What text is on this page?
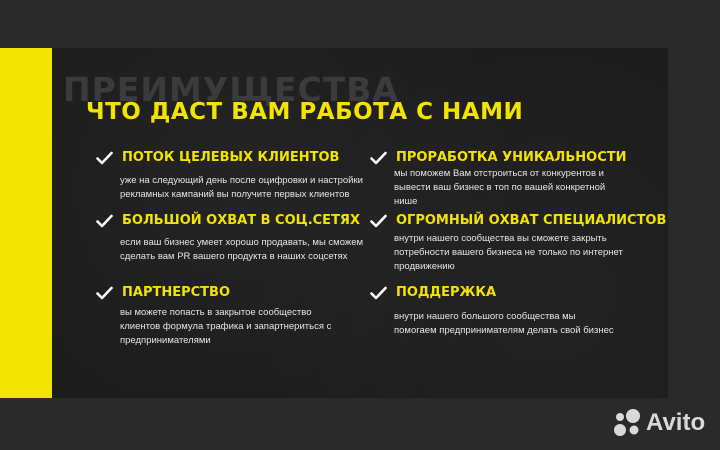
ПРЕИМУЩЕСТВА
ЧТО ДАСТ ВАМ РАБОТА С НАМИ
ПОТОК ЦЕЛЕВЫХ КЛИЕНТОВ
уже на следующий день после оцифровки и настройки
рекламных кампаний вы получите первых клиентов
БОЛЬШОЙ ОХВАТ В СОЦ.СЕТЯХ
если ваш бизнес умеет хорошо продавать, мы сможем
сделать вам PR вашего продукта в наших соцсетях
ПАРТНЕРСТВО
вы можете попасть в закрытое сообщество
клиентов формула трафика и запартнериться с
предпринимателями
ПРОРАБОТКА УНИКАЛЬНОСТИ
мы поможем Вам отстроиться от конкурентов и
вывести ваш бизнес в топ по вашей конкретной
нише
ОГРОМНЫЙ ОХВАТ СПЕЦИАЛИСТОВ
внутри нашего сообщества вы сможете закрыть
потребности вашего бизнеса не только по интернет
продвижению
ПОДДЕРЖКА
внутри нашего большого сообщества мы
помогаем предпринимателям делать свой бизнес
Avito
